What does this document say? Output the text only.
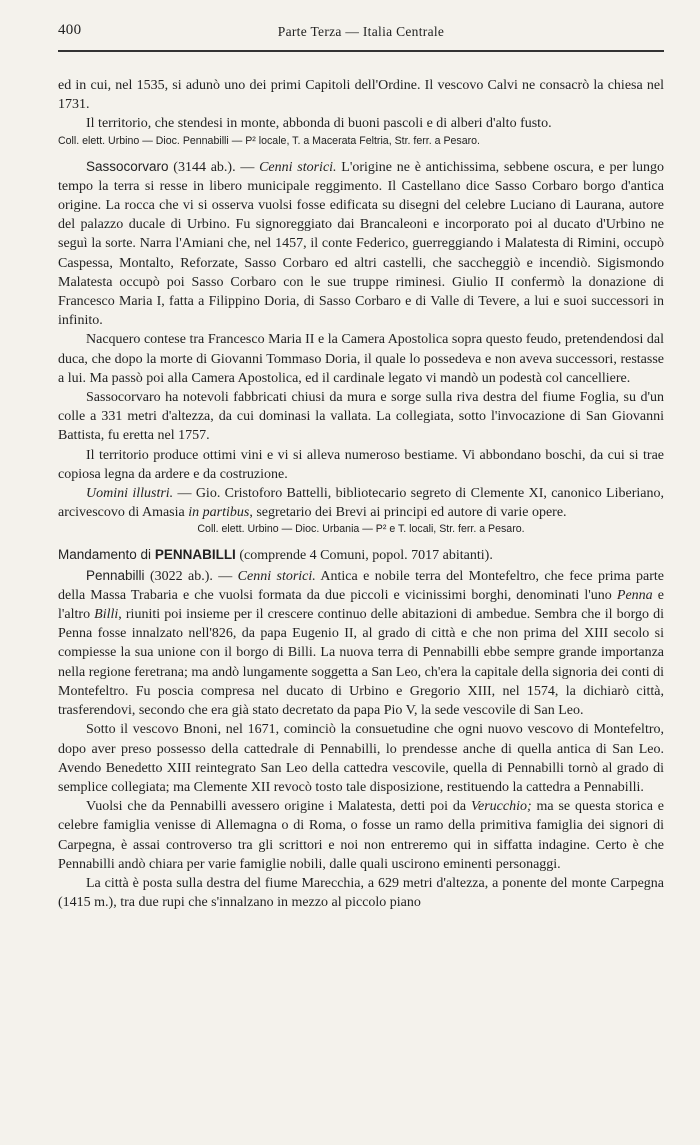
400	Parte Terza — Italia Centrale

ed in cui, nel 1535, si adunò uno dei primi Capitoli dell'Ordine. Il vescovo Calvi ne consacrò la chiesa nel 1731.

Il territorio, che stendesi in monte, abbonda di buoni pascoli e di alberi d'alto fusto.

Coll. elett. Urbino — Dioc. Pennabilli — P² locale, T. a Macerata Feltria, Str. ferr. a Pesaro.

Sassocorvaro (3144 ab.). — Cenni storici. L'origine ne è antichissima, sebbene oscura, e per lungo tempo la terra si resse in libero municipale reggimento. Il Castellano dice Sasso Corbaro borgo d'antica origine. La rocca che vi si osserva vuolsi fosse edificata su disegni del celebre Luciano di Laurana, autore del palazzo ducale di Urbino. Fu signoreggiato dai Brancaleoni e incorporato poi al ducato d'Urbino ne seguì la sorte. Narra l'Amiani che, nel 1457, il conte Federico, guerreggiando i Malatesta di Rimini, occupò Caspessa, Montalto, Reforzate, Sasso Corbaro ed altri castelli, che saccheggiò e incendiò. Sigismondo Malatesta occupò poi Sasso Corbaro con le sue truppe riminesi. Giulio II confermò la donazione di Francesco Maria I, fatta a Filippino Doria, di Sasso Corbaro e di Valle di Tevere, a lui e suoi successori in infinito.

Nacquero contese tra Francesco Maria II e la Camera Apostolica sopra questo feudo, pretendendosi dal duca, che dopo la morte di Giovanni Tommaso Doria, il quale lo possedeva e non aveva successori, restasse a lui. Ma passò poi alla Camera Apostolica, ed il cardinale legato vi mandò un podestà col cancelliere.

Sassocorvaro ha notevoli fabbricati chiusi da mura e sorge sulla riva destra del fiume Foglia, su d'un colle a 331 metri d'altezza, da cui dominasi la vallata. La collegiata, sotto l'invocazione di San Giovanni Battista, fu eretta nel 1757.

Il territorio produce ottimi vini e vi si alleva numeroso bestiame. Vi abbondano boschi, da cui si trae copiosa legna da ardere e da costruzione.

Uomini illustri. — Gio. Cristoforo Battelli, bibliotecario segreto di Clemente XI, canonico Liberiano, arcivescovo di Amasia in partibus, segretario dei Brevi ai principi ed autore di varie opere.

Coll. elett. Urbino — Dioc. Urbania — P² e T. locali, Str. ferr. a Pesaro.

Mandamento di PENNABILLI (comprende 4 Comuni, popol. 7017 abitanti).

Pennabilli (3022 ab.). — Cenni storici. Antica e nobile terra del Montefeltro, che fece prima parte della Massa Trabaria e che vuolsi formata da due piccoli e vicinissimi borghi, denominati l'uno Penna e l'altro Billi, riuniti poi insieme per il crescere continuo delle abitazioni di ambedue. Sembra che il borgo di Penna fosse innalzato nell'826, da papa Eugenio II, al grado di città e che non prima del XIII secolo si compiesse la sua unione con il borgo di Billi. La nuova terra di Pennabilli ebbe sempre grande importanza nella regione feretrana; ma andò lungamente soggetta a San Leo, ch'era la capitale della signoria dei conti di Montefeltro. Fu poscia compresa nel ducato di Urbino e Gregorio XIII, nel 1574, la dichiarò città, trasferendovi, secondo che era già stato decretato da papa Pio V, la sede vescovile di San Leo.

Sotto il vescovo Bnoni, nel 1671, cominciò la consuetudine che ogni nuovo vescovo di Montefeltro, dopo aver preso possesso della cattedrale di Pennabilli, lo prendesse anche di quella antica di San Leo. Avendo Benedetto XIII reintegrato San Leo della cattedra vescovile, quella di Pennabilli tornò al grado di semplice collegiata; ma Clemente XII revocò tosto tale disposizione, restituendo la cattedra a Pennabilli.

Vuolsi che da Pennabilli avessero origine i Malatesta, detti poi da Verucchio; ma se questa storica e celebre famiglia venisse di Allemagna o di Roma, o fosse un ramo della primitiva famiglia dei signori di Carpegna, è assai controverso tra gli scrittori e noi non entreremo qui in siffatta indagine. Certo è che Pennabilli andò chiara per varie famiglie nobili, dalle quali uscirono eminenti personaggi.

La città è posta sulla destra del fiume Marecchia, a 629 metri d'altezza, a ponente del monte Carpegna (1415 m.), tra due rupi che s'innalzano in mezzo al piccolo piano
